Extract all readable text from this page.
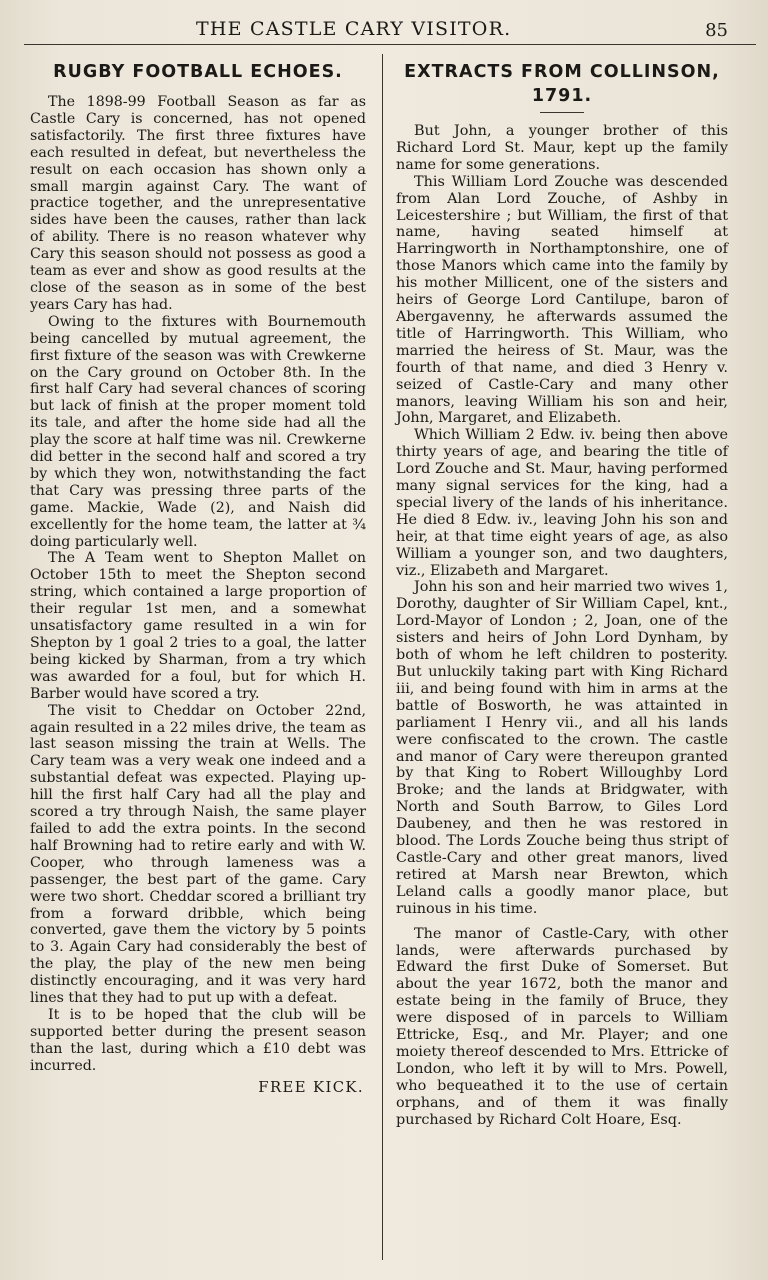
THE CASTLE CARY VISITOR.	85
RUGBY FOOTBALL ECHOES.

The 1898-99 Football Season as far as Castle Cary is concerned, has not opened satisfactorily. The first three fixtures have each resulted in defeat, but nevertheless the result on each occasion has shown only a small margin against Cary. The want of practice together, and the unrepresentative sides have been the causes, rather than lack of ability. There is no reason whatever why Cary this season should not possess as good a team as ever and show as good results at the close of the season as in some of the best years Cary has had.

Owing to the fixtures with Bournemouth being cancelled by mutual agreement, the first fixture of the season was with Crewkerne on the Cary ground on October 8th. In the first half Cary had several chances of scoring but lack of finish at the proper moment told its tale, and after the home side had all the play the score at half time was nil. Crewkerne did better in the second half and scored a try by which they won, notwithstanding the fact that Cary was pressing three parts of the game. Mackie, Wade (2), and Naish did excellently for the home team, the latter at ¾ doing particularly well.

The A Team went to Shepton Mallet on October 15th to meet the Shepton second string, which contained a large proportion of their regular 1st men, and a somewhat unsatisfactory game resulted in a win for Shepton by 1 goal 2 tries to a goal, the latter being kicked by Sharman, from a try which was awarded for a foul, but for which H. Barber would have scored a try.

The visit to Cheddar on October 22nd, again resulted in a 22 miles drive, the team as last season missing the train at Wells. The Cary team was a very weak one indeed and a substantial defeat was expected. Playing up-hill the first half Cary had all the play and scored a try through Naish, the same player failed to add the extra points. In the second half Browning had to retire early and with W. Cooper, who through lameness was a passenger, the best part of the game. Cary were two short. Cheddar scored a brilliant try from a forward dribble, which being converted, gave them the victory by 5 points to 3. Again Cary had considerably the best of the play, the play of the new men being distinctly encouraging, and it was very hard lines that they had to put up with a defeat.

It is to be hoped that the club will be supported better during the present season than the last, during which a £10 debt was incurred.

FREE KICK.
EXTRACTS FROM COLLINSON,
1791.

But John, a younger brother of this Richard Lord St. Maur, kept up the family name for some generations.

This William Lord Zouche was descended from Alan Lord Zouche, of Ashby in Leicestershire ; but William, the first of that name, having seated himself at Harringworth in Northamptonshire, one of those Manors which came into the family by his mother Millicent, one of the sisters and heirs of George Lord Cantilupe, baron of Abergavenny, he afterwards assumed the title of Harringworth. This William, who married the heiress of St. Maur, was the fourth of that name, and died 3 Henry v. seized of Castle-Cary and many other manors, leaving William his son and heir, John, Margaret, and Elizabeth.

Which William 2 Edw. iv. being then above thirty years of age, and bearing the title of Lord Zouche and St. Maur, having performed many signal services for the king, had a special livery of the lands of his inheritance. He died 8 Edw. iv., leaving John his son and heir, at that time eight years of age, as also William a younger son, and two daughters, viz., Elizabeth and Margaret.

John his son and heir married two wives 1, Dorothy, daughter of Sir William Capel, knt., Lord-Mayor of London ; 2, Joan, one of the sisters and heirs of John Lord Dynham, by both of whom he left children to posterity. But unluckily taking part with King Richard iii, and being found with him in arms at the battle of Bosworth, he was attainted in parliament I Henry vii., and all his lands were confiscated to the crown. The castle and manor of Cary were thereupon granted by that King to Robert Willoughby Lord Broke; and the lands at Bridgwater, with North and South Barrow, to Giles Lord Daubeney, and then he was restored in blood. The Lords Zouche being thus stript of Castle-Cary and other great manors, lived retired at Marsh near Brewton, which Leland calls a goodly manor place, but ruinous in his time.

The manor of Castle-Cary, with other lands, were afterwards purchased by Edward the first Duke of Somerset. But about the year 1672, both the manor and estate being in the family of Bruce, they were disposed of in parcels to William Ettricke, Esq., and Mr. Player; and one moiety thereof descended to Mrs. Ettricke of London, who left it by will to Mrs. Powell, who bequeathed it to the use of certain orphans, and of them it was finally purchased by Richard Colt Hoare, Esq.
